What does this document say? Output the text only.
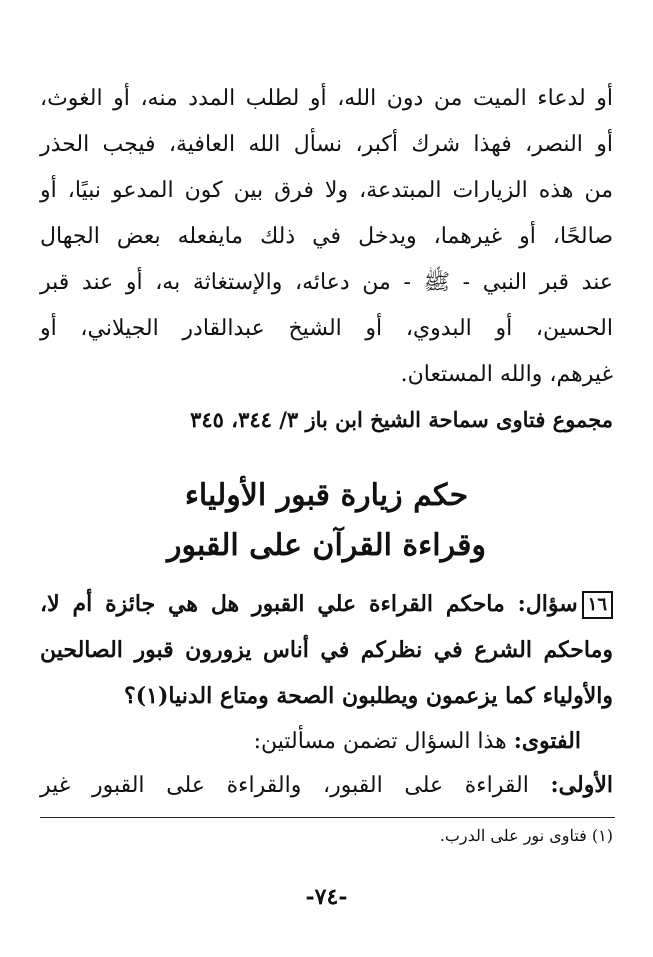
أو لدعاء الميت من دون الله، أو لطلب المدد منه، أو الغوث،
أو النصر، فهذا شرك أكبر، نسأل الله العافية، فيجب الحذر
من هذه الزيارات المبتدعة، ولا فرق بين كون المدعو نبيًا، أو
صالحًا، أو غيرهما، ويدخل في ذلك مايفعله بعض الجهال
عند قبر النبي - ﷺ - من دعائه، والإستغاثة به، أو عند قبر
الحسين، أو البدوي، أو الشيخ عبدالقادر الجيلاني، أو
غيرهم، والله المستعان.
مجموع فتاوى سماحة الشيخ ابن باز ٣/ ٣٤٤، ٣٤٥
حكم زيارة قبور الأولياء
وقراءة القرآن على القبور
١٦سؤال: ماحكم القراءة علي القبور هل هي جائزة أم لا،
وماحكم الشرع في نظركم في أناس يزورون قبور الصالحين
والأولياء كما يزعمون ويطلبون الصحة ومتاع الدنيا(١)؟
الفتوى: هذا السؤال تضمن مسألتين:
الأولى: القراءة على القبور، والقراءة على القبور غير
(١) فتاوى نور على الدرب.
-٧٤-
